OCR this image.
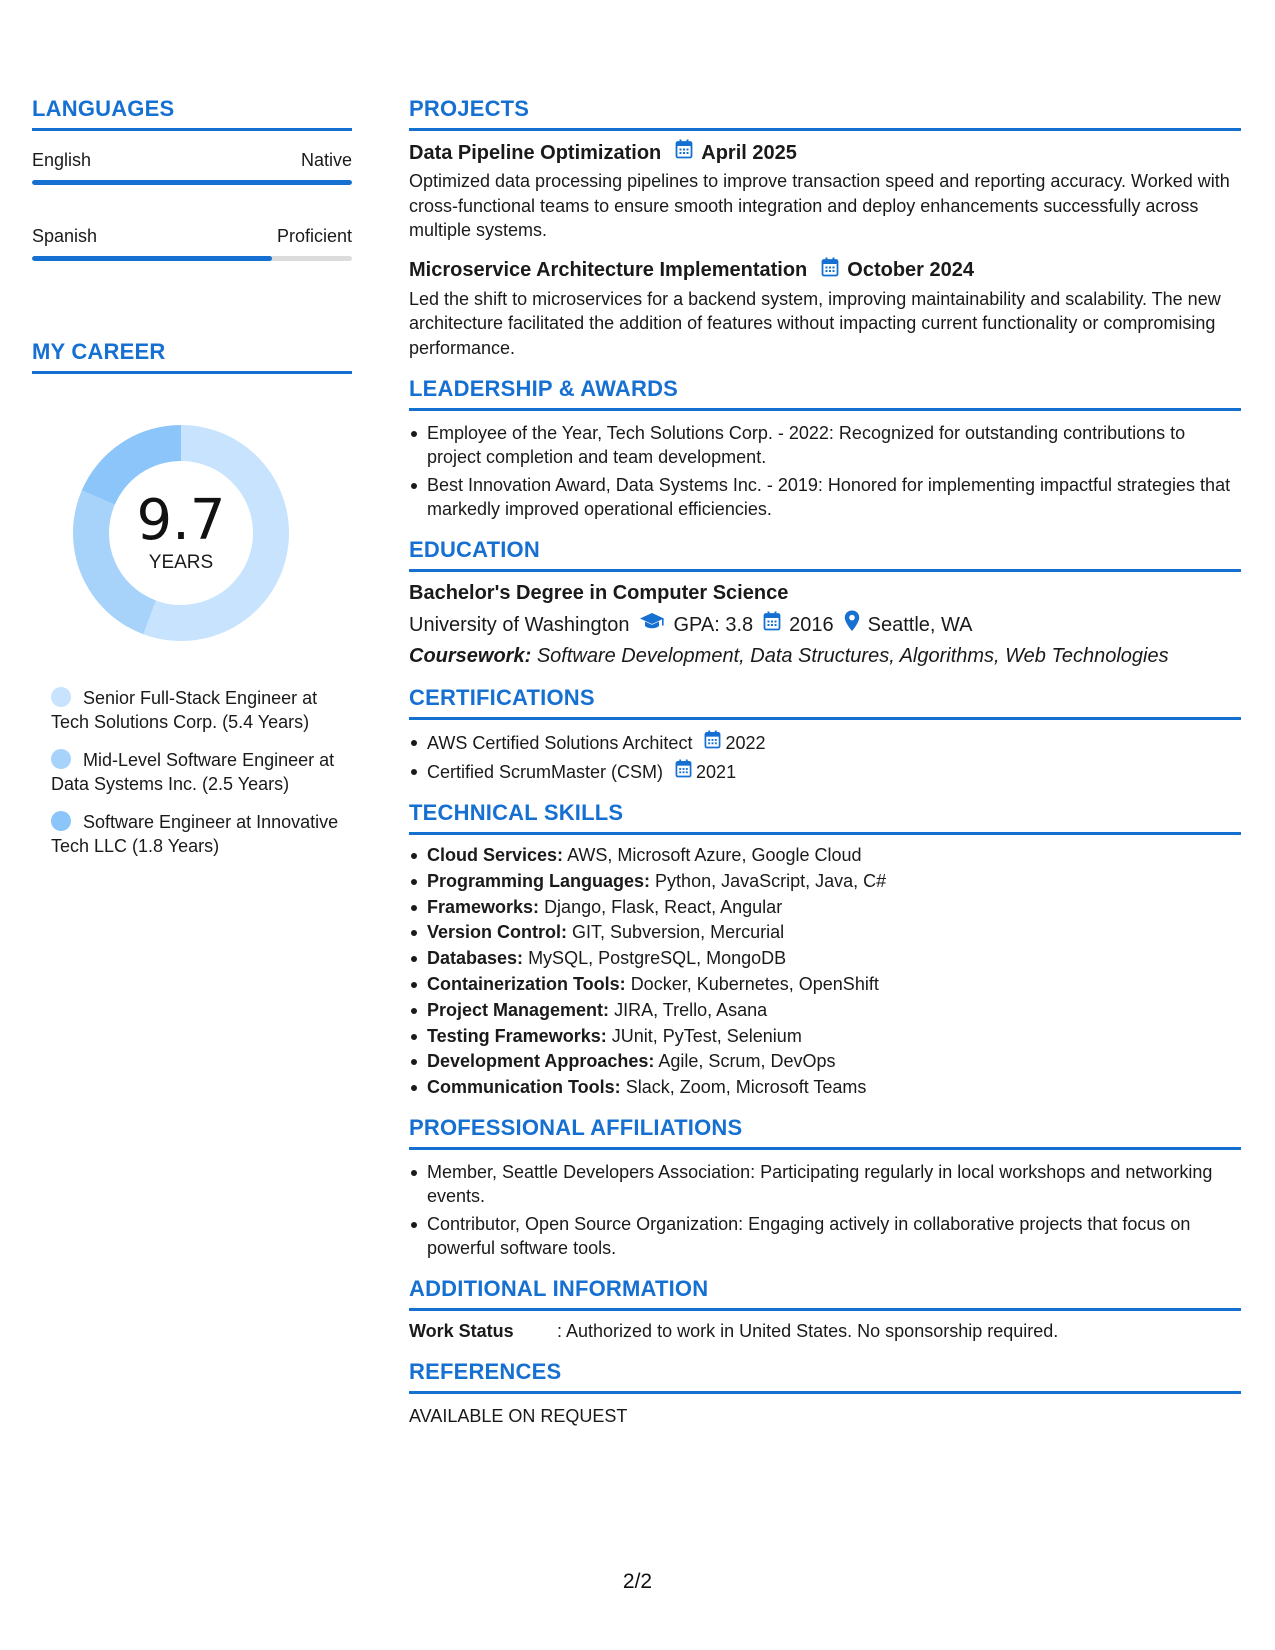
LANGUAGES
English	Native
Spanish	Proficient
MY CAREER
9.7
YEARS
Senior Full-Stack Engineer at Tech Solutions Corp. (5.4 Years)
Mid-Level Software Engineer at Data Systems Inc. (2.5 Years)
Software Engineer at Innovative Tech LLC (1.8 Years)
PROJECTS
Data Pipeline Optimization April 2025
Optimized data processing pipelines to improve transaction speed and reporting accuracy. Worked with cross-functional teams to ensure smooth integration and deploy enhancements successfully across multiple systems.
Microservice Architecture Implementation October 2024
Led the shift to microservices for a backend system, improving maintainability and scalability. The new architecture facilitated the addition of features without impacting current functionality or compromising performance.
LEADERSHIP & AWARDS
Employee of the Year, Tech Solutions Corp. - 2022: Recognized for outstanding contributions to project completion and team development.
Best Innovation Award, Data Systems Inc. - 2019: Honored for implementing impactful strategies that markedly improved operational efficiencies.
EDUCATION
Bachelor's Degree in Computer Science
University of Washington GPA: 3.8 2016 Seattle, WA
Coursework: Software Development, Data Structures, Algorithms, Web Technologies
CERTIFICATIONS
AWS Certified Solutions Architect 2022
Certified ScrumMaster (CSM) 2021
TECHNICAL SKILLS
Cloud Services: AWS, Microsoft Azure, Google Cloud
Programming Languages: Python, JavaScript, Java, C#
Frameworks: Django, Flask, React, Angular
Version Control: GIT, Subversion, Mercurial
Databases: MySQL, PostgreSQL, MongoDB
Containerization Tools: Docker, Kubernetes, OpenShift
Project Management: JIRA, Trello, Asana
Testing Frameworks: JUnit, PyTest, Selenium
Development Approaches: Agile, Scrum, DevOps
Communication Tools: Slack, Zoom, Microsoft Teams
PROFESSIONAL AFFILIATIONS
Member, Seattle Developers Association: Participating regularly in local workshops and networking events.
Contributor, Open Source Organization: Engaging actively in collaborative projects that focus on powerful software tools.
ADDITIONAL INFORMATION
Work Status	: Authorized to work in United States. No sponsorship required.
REFERENCES
AVAILABLE ON REQUEST
2/2
